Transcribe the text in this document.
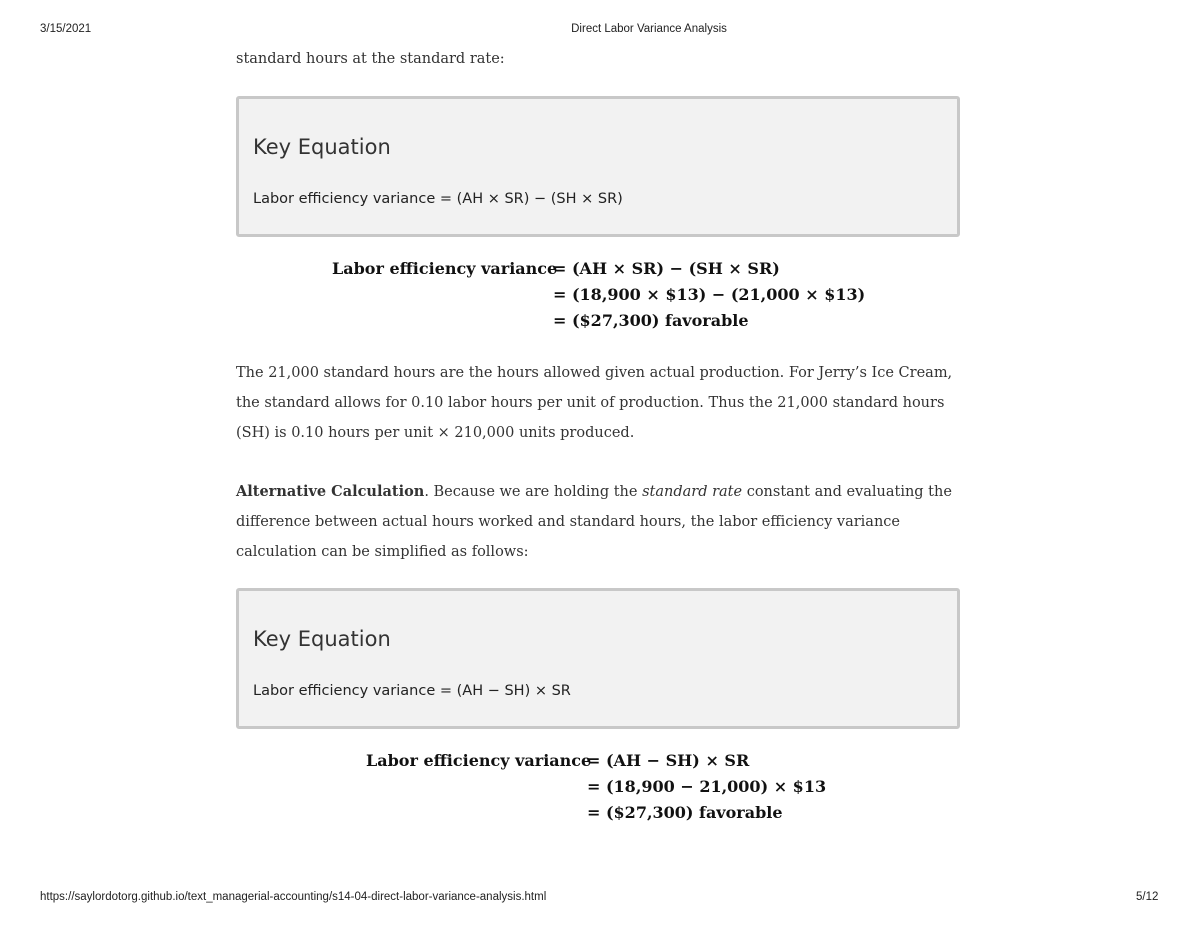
3/15/2021	Direct Labor Variance Analysis
standard hours at the standard rate:
Key Equation
Labor efficiency variance = (AH × SR) − (SH × SR)
Labor efficiency variance
= (AH × SR) − (SH × SR)
= (18,900 × $13) − (21,000 × $13)
= ($27,300) favorable
The 21,000 standard hours are the hours allowed given actual production. For Jerry’s Ice Cream, the standard allows for 0.10 labor hours per unit of production. Thus the 21,000 standard hours (SH) is 0.10 hours per unit × 210,000 units produced.
Alternative Calculation. Because we are holding the standard rate constant and evaluating the difference between actual hours worked and standard hours, the labor efficiency variance calculation can be simplified as follows:
Key Equation
Labor efficiency variance = (AH − SH) × SR
Labor efficiency variance
= (AH − SH) × SR
= (18,900 − 21,000) × $13
= ($27,300) favorable
https://saylordotorg.github.io/text_managerial-accounting/s14-04-direct-labor-variance-analysis.html	5/12
